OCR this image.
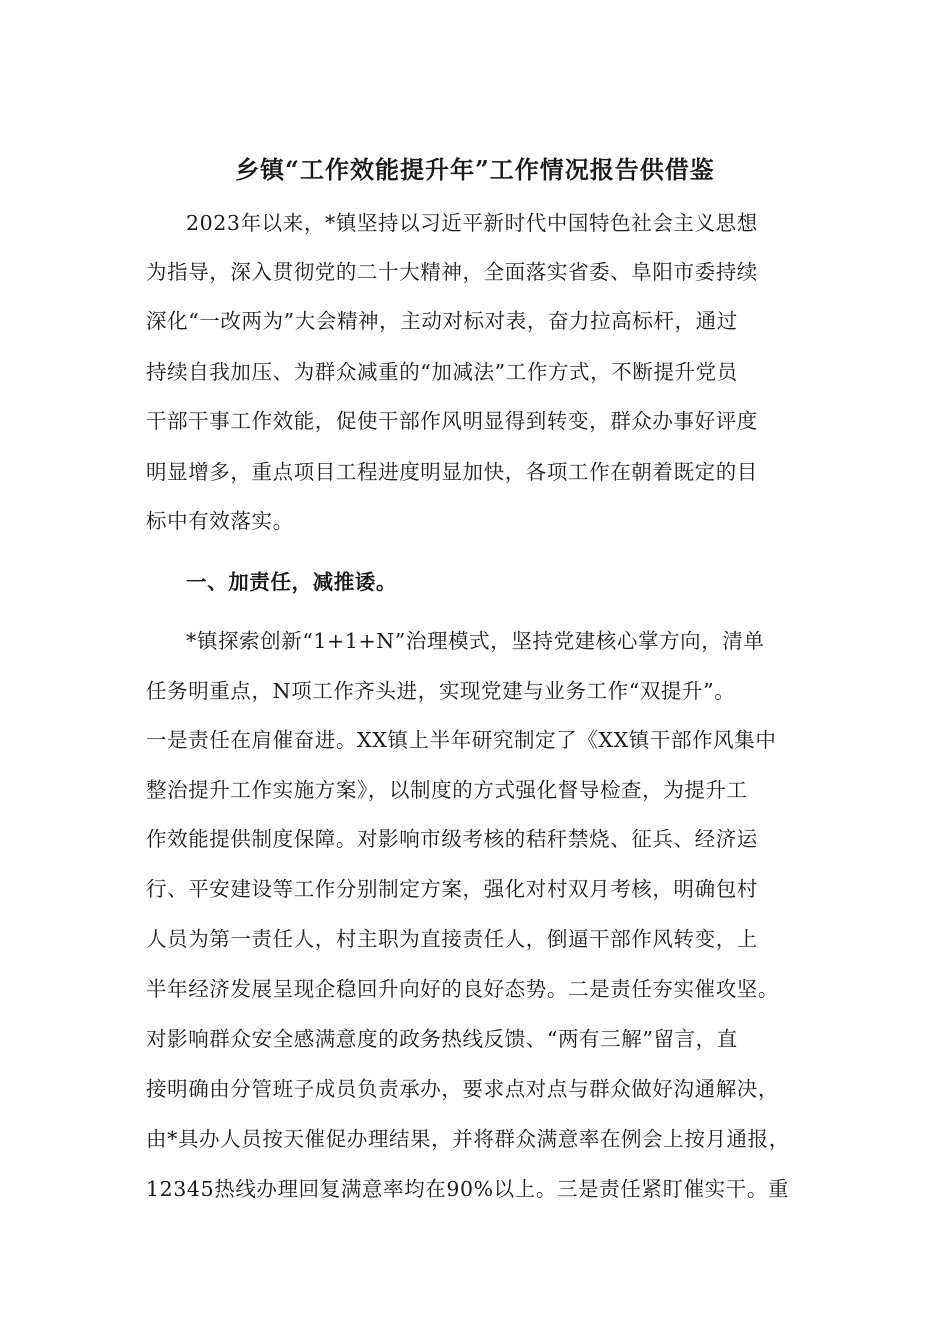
乡镇“工作效能提升年”工作情况报告供借鉴
2023年以来，*镇坚持以习近平新时代中国特色社会主义思想
为指导，深入贯彻党的二十大精神，全面落实省委、阜阳市委持续
深化“一改两为”大会精神，主动对标对表，奋力拉高标杆，通过
持续自我加压、为群众减重的“加减法”工作方式，不断提升党员
干部干事工作效能，促使干部作风明显得到转变，群众办事好评度
明显增多，重点项目工程进度明显加快，各项工作在朝着既定的目
标中有效落实。
一、加责任，减推诿。
*镇探索创新“1+1+N”治理模式，坚持党建核心掌方向，清单
任务明重点，N项工作齐头进，实现党建与业务工作“双提升”。
一是责任在肩催奋进。XX镇上半年研究制定了《XX镇干部作风集中
整治提升工作实施方案》，以制度的方式强化督导检查，为提升工
作效能提供制度保障。对影响市级考核的秸秆禁烧、征兵、经济运
行、平安建设等工作分别制定方案，强化对村双月考核，明确包村
人员为第一责任人，村主职为直接责任人，倒逼干部作风转变，上
半年经济发展呈现企稳回升向好的良好态势。二是责任夯实催攻坚。
对影响群众安全感满意度的政务热线反馈、“两有三解”留言，直
接明确由分管班子成员负责承办，要求点对点与群众做好沟通解决，
由*具办人员按天催促办理结果，并将群众满意率在例会上按月通报，
12345热线办理回复满意率均在90%以上。三是责任紧盯催实干。重
